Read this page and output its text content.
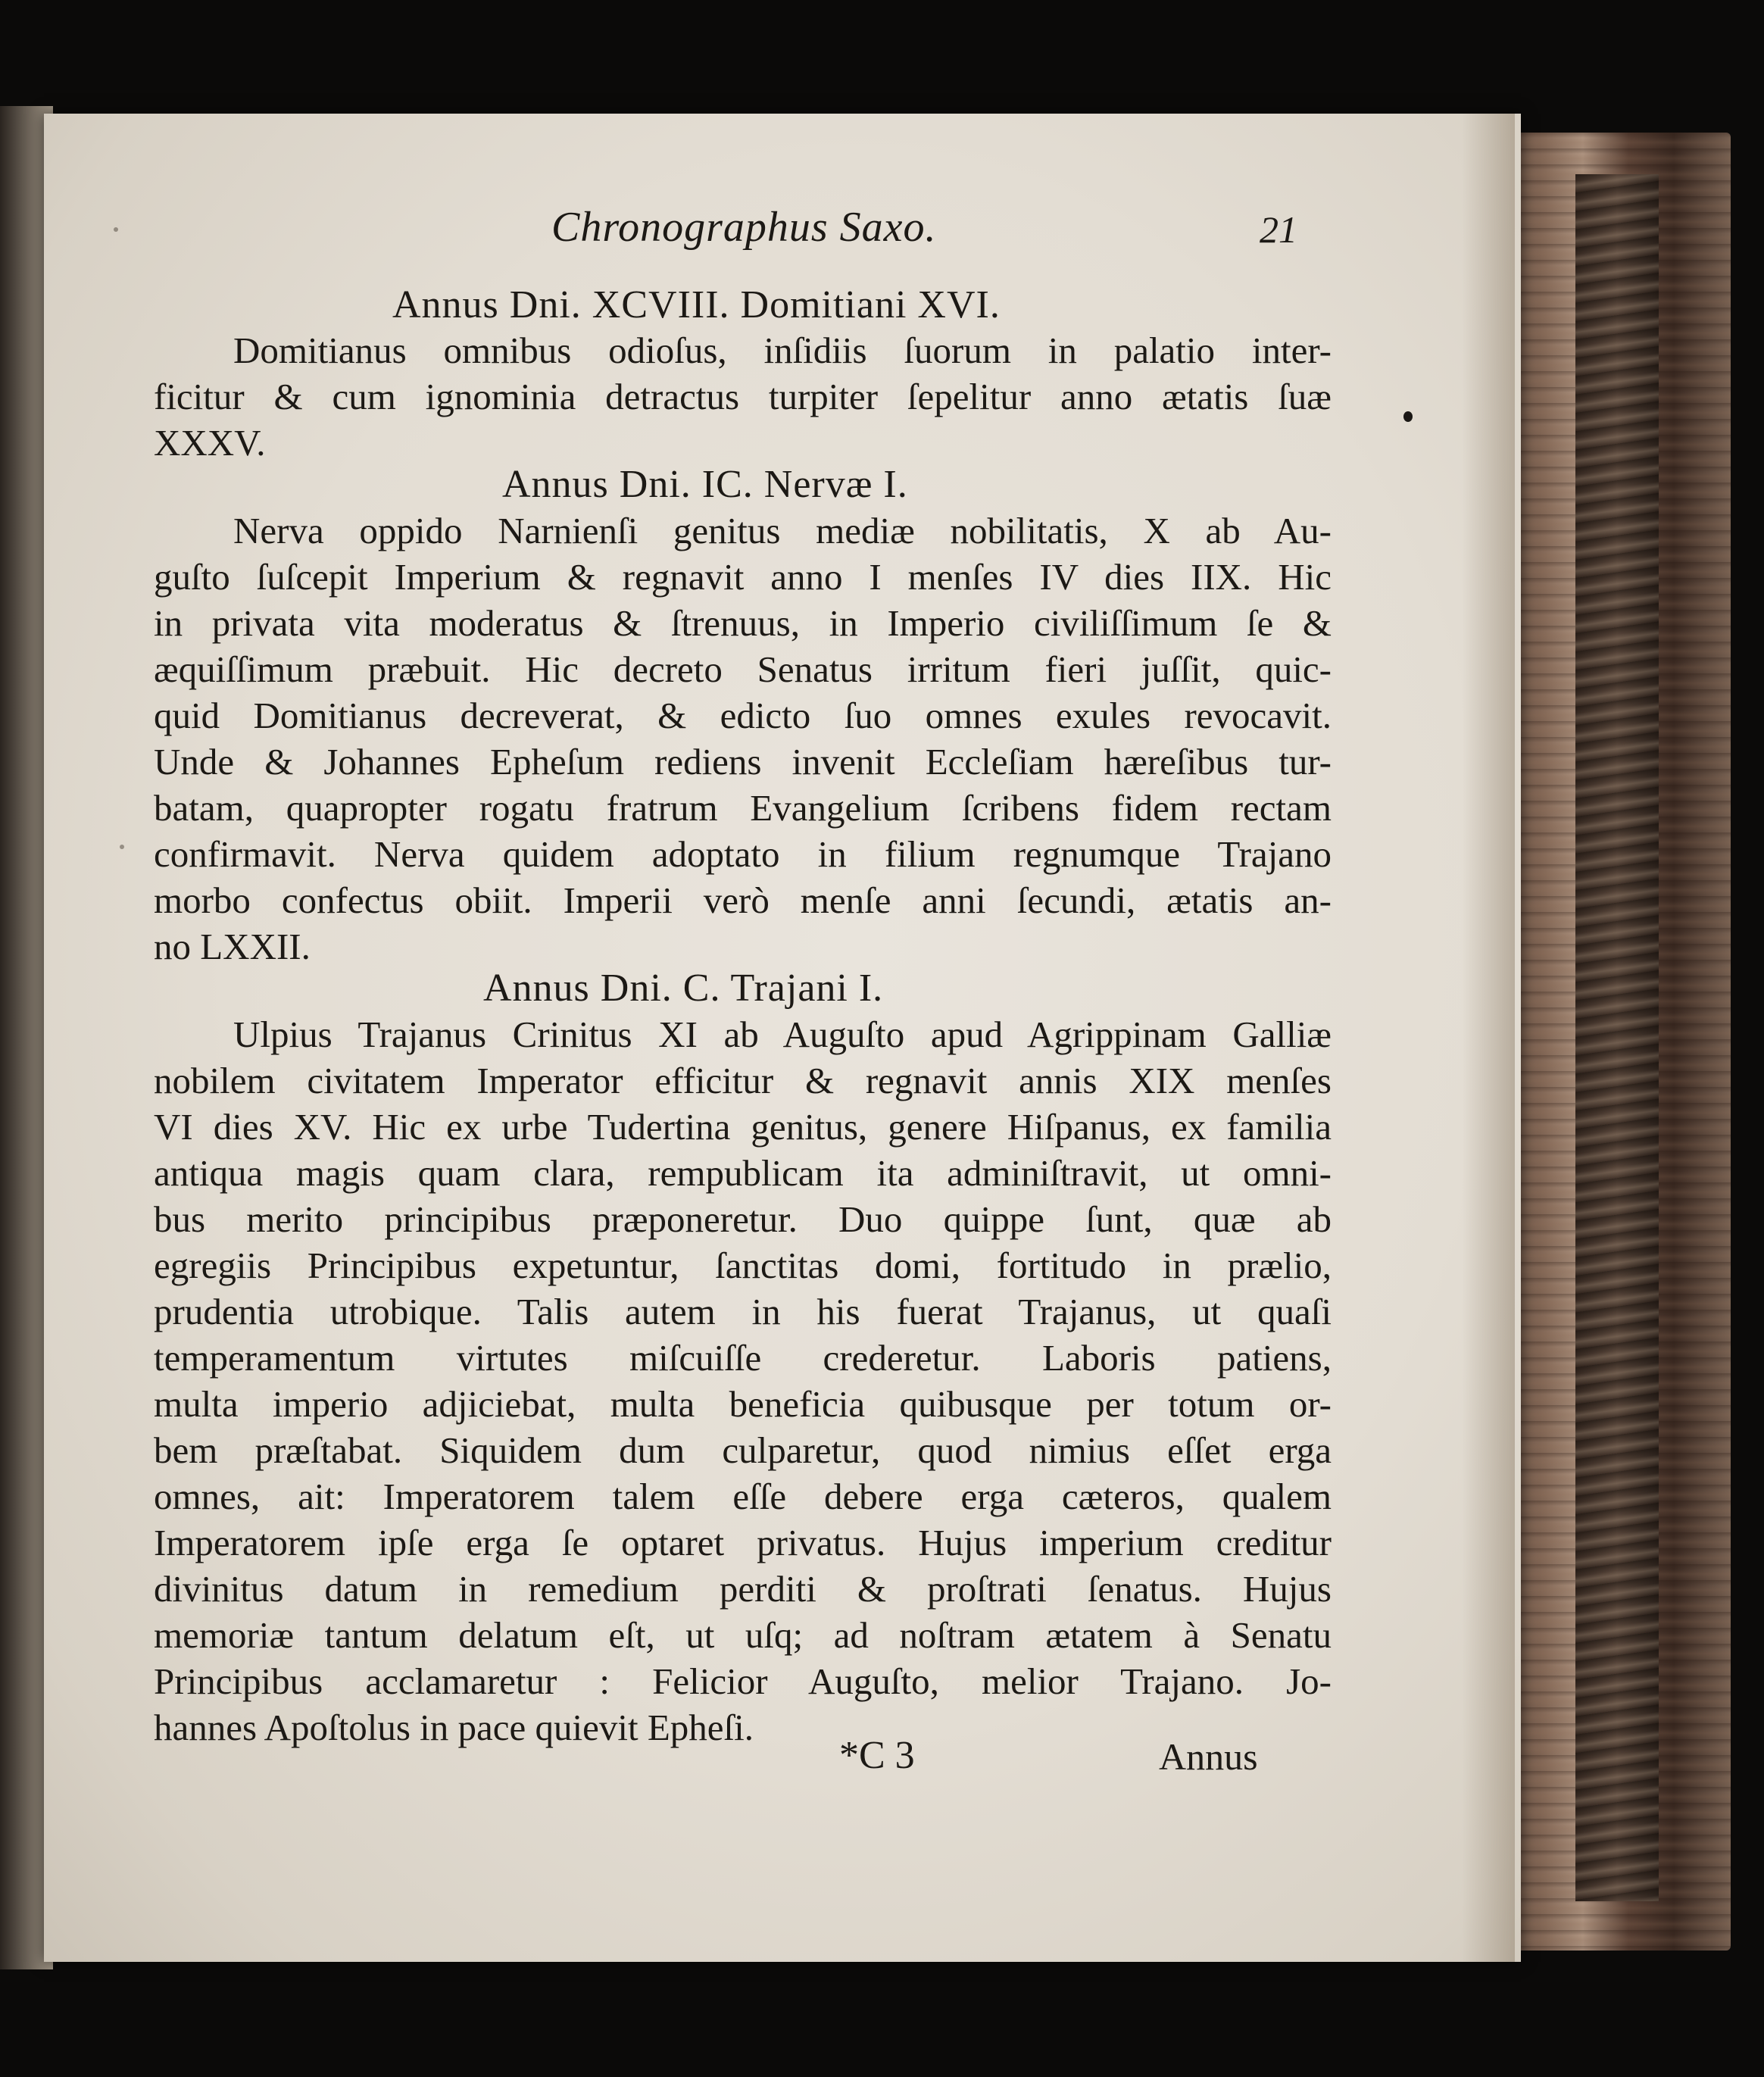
Chronographus Saxo.	21
Annus Dni. XCVIII. Domitiani XVI.
Domitianus omnibus odioſus, inſidiis ſuorum in palatio inter-
ficitur & cum ignominia detractus turpiter ſepelitur anno ætatis ſuæ
XXXV.
Annus Dni. IC. Nervæ I.
Nerva oppido Narnienſi genitus mediæ nobilitatis, X ab Au-
guſto ſuſcepit Imperium & regnavit anno I menſes IV dies IIX. Hic
in privata vita moderatus & ſtrenuus, in Imperio civiliſſimum ſe &
æquiſſimum præbuit. Hic decreto Senatus irritum fieri juſſit, quic-
quid Domitianus decreverat, & edicto ſuo omnes exules revocavit.
Unde & Johannes Epheſum rediens invenit Eccleſiam hæreſibus tur-
batam, quapropter rogatu fratrum Evangelium ſcribens fidem rectam
confirmavit. Nerva quidem adoptato in filium regnumque Trajano
morbo confectus obiit. Imperii verò menſe anni ſecundi, ætatis an-
no LXXII.
Annus Dni. C. Trajani I.
Ulpius Trajanus Crinitus XI ab Auguſto apud Agrippinam Galliæ
nobilem civitatem Imperator efficitur & regnavit annis XIX menſes
VI dies XV. Hic ex urbe Tudertina genitus, genere Hiſpanus, ex familia
antiqua magis quam clara, rempublicam ita adminiſtravit, ut omni-
bus merito principibus præponeretur. Duo quippe ſunt, quæ ab
egregiis Principibus expetuntur, ſanctitas domi, fortitudo in prælio,
prudentia utrobique. Talis autem in his fuerat Trajanus, ut quaſi
temperamentum virtutes miſcuiſſe crederetur. Laboris patiens,
multa imperio adjiciebat, multa beneficia quibusque per totum or-
bem præſtabat. Siquidem dum culparetur, quod nimius eſſet erga
omnes, ait: Imperatorem talem eſſe debere erga cæteros, qualem
Imperatorem ipſe erga ſe optaret privatus. Hujus imperium creditur
divinitus datum in remedium perditi & proſtrati ſenatus. Hujus
memoriæ tantum delatum eſt, ut uſq; ad noſtram ætatem à Senatu
Principibus acclamaretur : Felicior Auguſto, melior Trajano. Jo-
hannes Apoſtolus in pace quievit Epheſi.
*C 3	Annus
